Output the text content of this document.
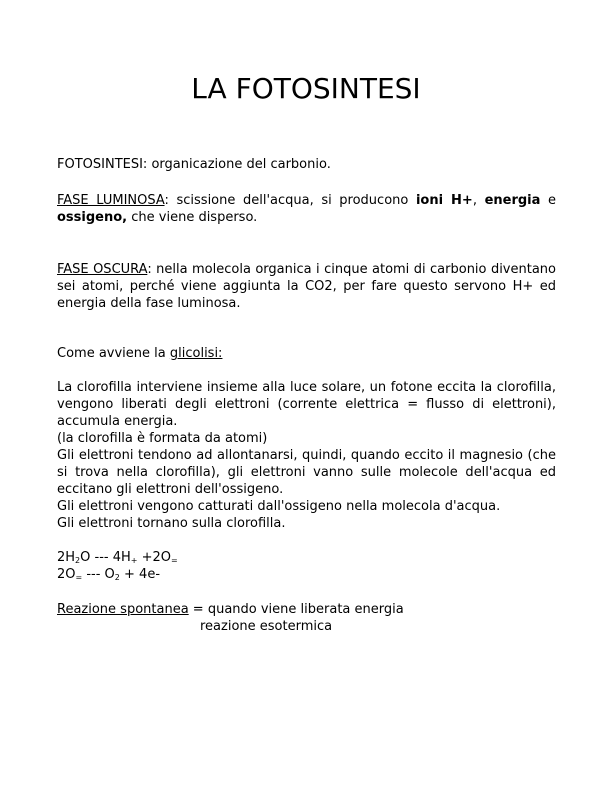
LA FOTOSINTESI

FOTOSINTESI: organicazione del carbonio.

FASE LUMINOSA: scissione dell'acqua, si producono ioni H+, energia e ossigeno, che viene disperso.

FASE OSCURA: nella molecola organica i cinque atomi di carbonio diventano sei atomi, perché viene aggiunta la CO2, per fare questo servono H+ ed energia della fase luminosa.

Come avviene la glicolisi:

La clorofilla interviene insieme alla luce solare, un fotone eccita la clorofilla, vengono liberati degli elettroni (corrente elettrica = flusso di elettroni), accumula energia.

(la clorofilla è formata da atomi)

Gli elettroni tendono ad allontanarsi, quindi, quando eccito il magnesio (che si trova nella clorofilla), gli elettroni vanno sulle molecole dell'acqua ed eccitano gli elettroni dell'ossigeno.

Gli elettroni vengono catturati dall'ossigeno nella molecola d'acqua.

Gli elettroni tornano sulla clorofilla.

$2H_2O$ --- $4H_+ +2O_=$

$2O_=$ --- $O_2 + 4e-$

Reazione spontanea = quando viene liberata energia
reazione esotermica
